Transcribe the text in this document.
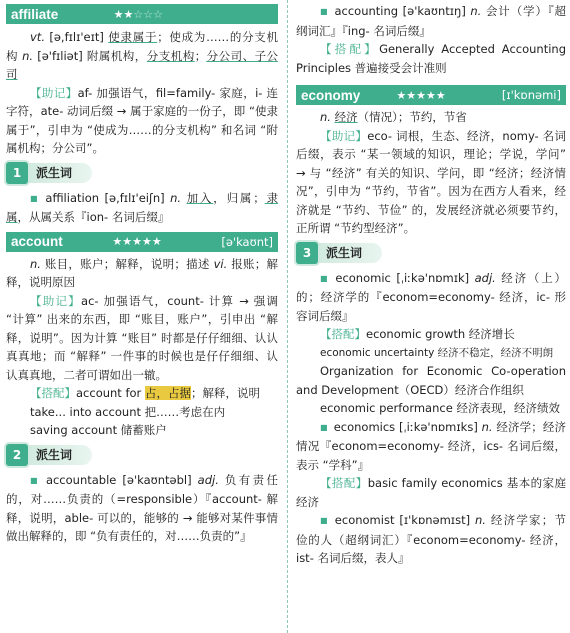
affiliate	★★☆☆☆

vt. [ə,fɪlɪ'eɪt] 使隶属于；使成为……的分支机构 n. [ə'fɪliət] 附属机构，分支机构；分公司、子公司

【助记】af- 加强语气，fil=family- 家庭，i- 连字符，ate- 动词后缀 → 属于家庭的一份子，即 “使隶属于”，引申为 “使成为……的分支机构” 和名词 “附属机构；分公司”。

1	派生词

■ affiliation [ə,fɪlɪ'eiʃn] n. 加入，归属；隶属，从属关系『ion- 名词后缀』

account	★★★★★	[ə'kaʊnt]

n. 账目，账户；解释，说明；描述 vi. 报账；解释，说明原因

【助记】ac- 加强语气，count- 计算 → 强调 “计算” 出来的东西，即 “账目，账户”，引申出 “解释，说明”。因为计算 “账目” 时都是仔仔细细、认认真真地；而 “解释” 一件事的时候也是仔仔细细、认认真真地，二者可谓如出一辙。

【搭配】account for 占，占据；解释，说明

take... into account 把……考虑在内

saving account 储蓄账户

2	派生词

■ accountable [ə'kaʊntəbl] adj. 负有责任的，对……负责的（=responsible）『account- 解释，说明，able- 可以的，能够的 → 能够对某件事情做出解释的，即 “负有责任的，对……负责的”』

■ accounting [ə'kaʊntɪŋ] n. 会计（学）『超纲词汇』『ing- 名词后缀』

【搭配】Generally Accepted Accounting Principles 普遍接受会计准则

economy	★★★★★	[ɪ'kɒnəmi]

n. 经济（情况）；节约，节省

【助记】eco- 词根，生态、经济，nomy- 名词后缀，表示 “某一领域的知识，理论；学说，学问” → 与 “经济” 有关的知识、学问，即 “经济；经济情况”，引申为 “节约，节省”。因为在西方人看来，经济就是 “节约、节俭” 的，发展经济就必须要节约，正所谓 “节约型经济”。

3	派生词

■ economic [ˌiːkə'nɒmɪk] adj. 经济（上）的；经济学的『econom=economy- 经济，ic- 形容词后缀』

【搭配】economic growth 经济增长

economic uncertainty 经济不稳定，经济不明朗

Organization for Economic Co-operation and Development（OECD）经济合作组织

economic performance 经济表现，经济绩效

■ economics [ˌiːkə'nɒmɪks] n. 经济学；经济情况『econom=economy- 经济，ics- 名词后缀，表示 “学科”』

【搭配】basic family economics 基本的家庭经济

■ economist [ɪ'kɒnəmɪst] n. 经济学家；节俭的人（超纲词汇）『econom=economy- 经济，ist- 名词后缀，表人』
